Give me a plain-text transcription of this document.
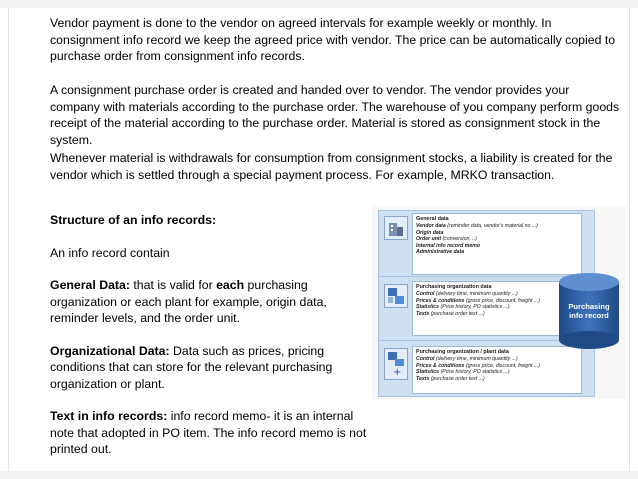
Vendor payment is done to the vendor on agreed intervals for example weekly or monthly. In consignment info record we keep the agreed price with vendor. The price can be automatically copied to purchase order from consignment info records.

A consignment purchase order is created and handed over to vendor. The vendor provides your company with materials according to the purchase order. The warehouse of you company perform goods receipt of the material according to the purchase order. Material is stored as consignment stock in the system.

Whenever material is withdrawals for consumption from consignment stocks, a liability is created for the vendor which is settled through a special payment process. For example, MRKO transaction.

Structure of an info records:

An info record contain

General Data: that is valid for each purchasing organization or each plant for example, origin data, reminder levels, and the order unit.

Organizational Data: Data such as prices, pricing conditions that can store for the relevant purchasing organization or plant.

Text in info records: info record memo- it is an internal note that adopted in PO item. The info record memo is not printed out.

+
General data
Vendor data (reminder data, vendor's material no ...)
Origin data
Order unit (conversion, ..)
Internal info record memo
Administrative data
Purchasing organization data
Control (delivery time, minimum quantity ...)
Prices & conditions (gross price, discount, freight ...)
Statistics (Price history, PO statistics ...)
Texts (purchase order text ...)
Purchasing organization / plant data
Control (delivery time, minimum quantity ...)
Prices & conditions (gross price, discount, freight ...)
Statistics (Price history, PO statistics ...)
Texts (purchase order text ...)
Purchasing
info record
